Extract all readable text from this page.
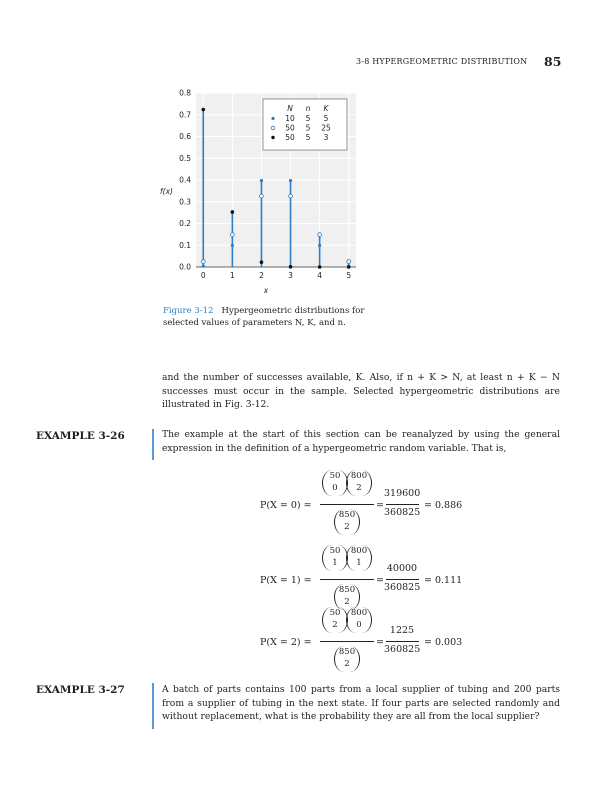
3-8 HYPERGEOMETRIC DISTRIBUTION 85
0.0
0.1
0.2
0.3
0.4
0.5
0.6
0.7
0.8
0	1	2	3	4	5
x
f(x)
N n K
10 5 5
50 5 25
50 5 3
Figure 3-12 Hypergeometric distributions for selected values of parameters N, K, and n.
and the number of successes available, K. Also, if n + K > N, at least n + K − N successes must occur in the sample. Selected hypergeometric distributions are illustrated in Fig. 3-12.
EXAMPLE 3-26	The example at the start of this section can be reanalyzed by using the general expression in the definition of a hypergeometric random variable. That is,
P(X = 0) =
50
0
800
2
850
2
=
319600
360825
= 0.886
P(X = 1) =
50
1
800
1
850
2
=
40000
360825
= 0.111
P(X = 2) =
50
2
800
0
850
2
=
1225
360825
= 0.003
EXAMPLE 3-27	A batch of parts contains 100 parts from a local supplier of tubing and 200 parts from a supplier of tubing in the next state. If four parts are selected randomly and without replacement, what is the probability they are all from the local supplier?
